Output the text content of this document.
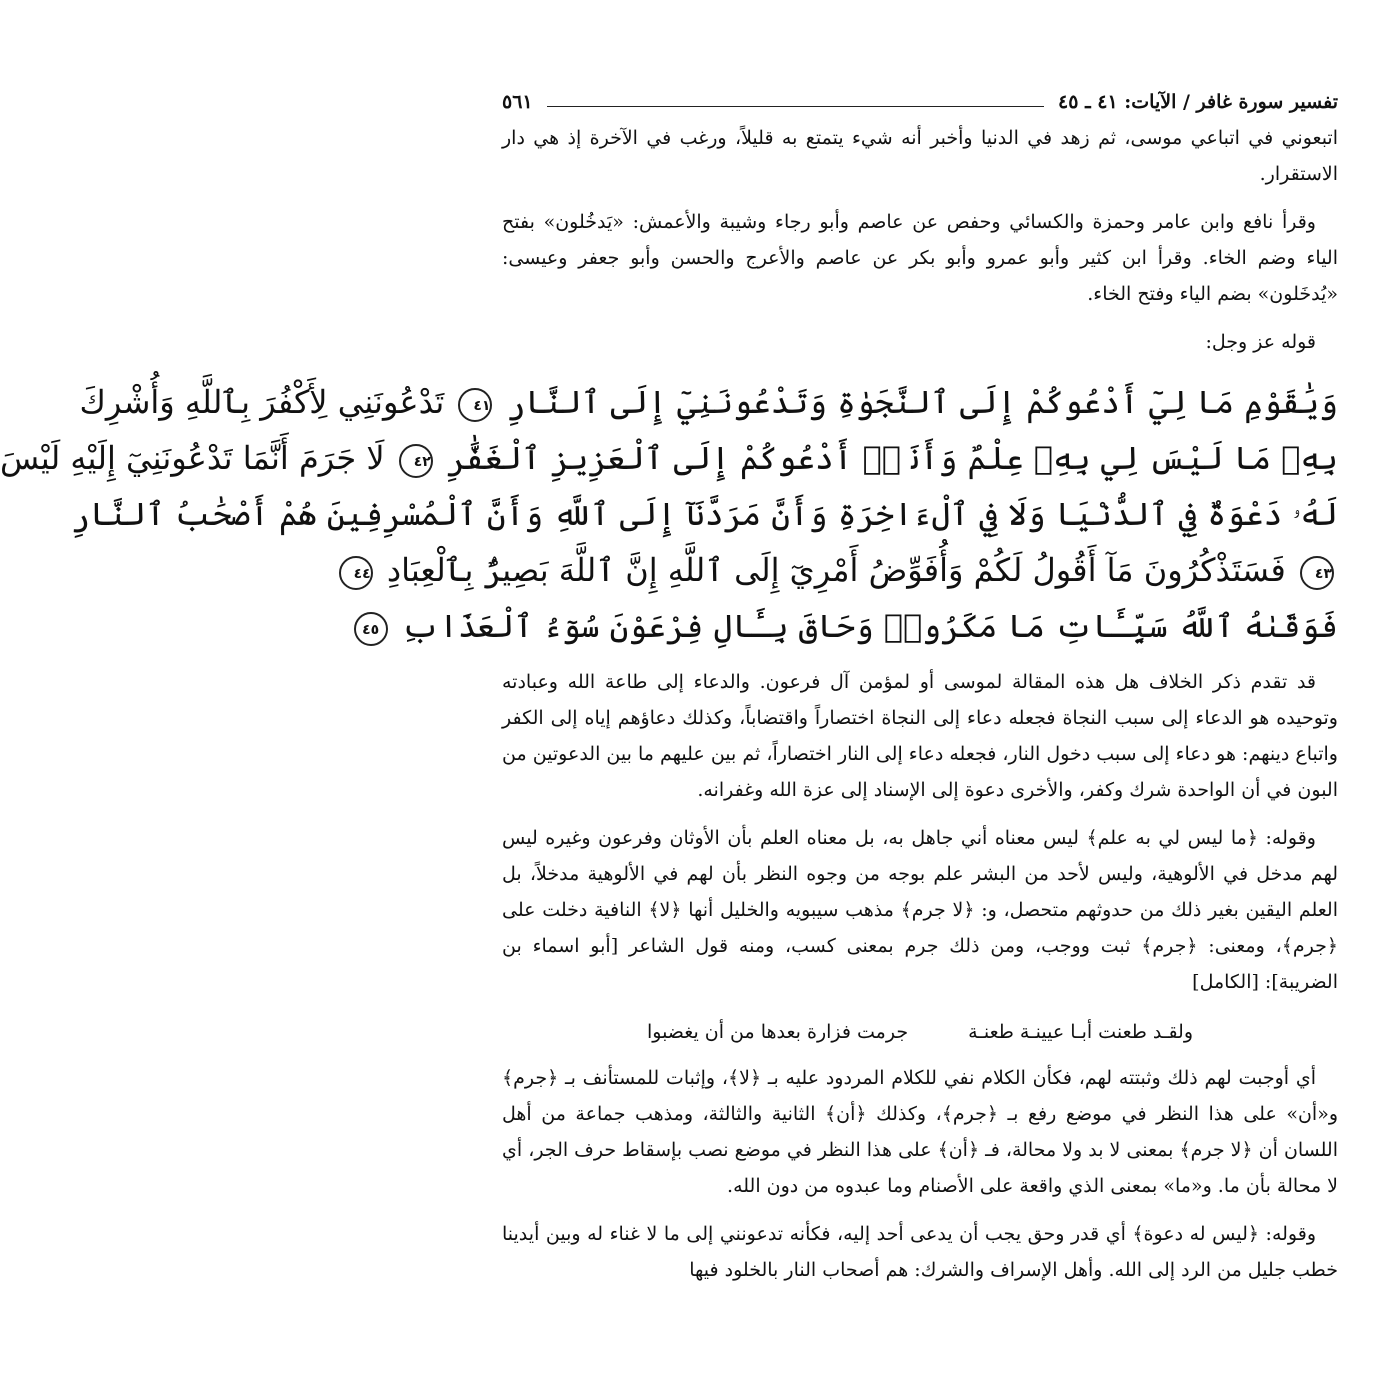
تفسير سورة غافر / الآيات: ٤١ ـ ٤٥
٥٦١

اتبعوني في اتباعي موسى، ثم زهد في الدنيا وأخبر أنه شيء يتمتع به قليلاً، ورغب في الآخرة إذ هي دار الاستقرار.

وقرأ نافع وابن عامر وحمزة والكسائي وحفص عن عاصم وأبو رجاء وشيبة والأعمش: «يَدخُلون» بفتح الياء وضم الخاء. وقرأ ابن كثير وأبو عمرو وأبو بكر عن عاصم والأعرج والحسن وأبو جعفر وعيسى: «يُدخَلون» بضم الياء وفتح الخاء.

قوله عز وجل:

وَيَٰقَوْمِ مَا لِيٓ أَدْعُوكُمْ إِلَى ٱلنَّجَوٰةِ وَتَدْعُونَنِيٓ إِلَى ٱلنَّارِ ٤١ تَدْعُونَنِي لِأَكْفُرَ بِٱللَّهِ وَأُشْرِكَ
بِهِۦ مَا لَيْسَ لِي بِهِۦ عِلْمٌ وَأَنَا۠ أَدْعُوكُمْ إِلَى ٱلْعَزِيزِ ٱلْغَفَّٰرِ ٤٢ لَا جَرَمَ أَنَّمَا تَدْعُونَنِيٓ إِلَيْهِ لَيْسَ
لَهُۥ دَعْوَةٌ فِي ٱلدُّنْيَا وَلَا فِي ٱلْءَاخِرَةِ وَأَنَّ مَرَدَّنَآ إِلَى ٱللَّهِ وَأَنَّ ٱلْمُسْرِفِينَ هُمْ أَصْحَٰبُ ٱلنَّارِ
٤٣ فَسَتَذْكُرُونَ مَآ أَقُولُ لَكُمْ وَأُفَوِّضُ أَمْرِيٓ إِلَى ٱللَّهِ إِنَّ ٱللَّهَ بَصِيرٌۢ بِٱلْعِبَادِ ٤٤
فَوَقَىٰهُ ٱللَّهُ سَيِّـَٔاتِ مَا مَكَرُوا۟ وَحَاقَ بِـَٔالِ فِرْعَوْنَ سُوٓءُ ٱلْعَذَابِ ٤٥

قد تقدم ذكر الخلاف هل هذه المقالة لموسى أو لمؤمن آل فرعون. والدعاء إلى طاعة الله وعبادته وتوحيده هو الدعاء إلى سبب النجاة فجعله دعاء إلى النجاة اختصاراً واقتضاباً، وكذلك دعاؤهم إياه إلى الكفر واتباع دينهم: هو دعاء إلى سبب دخول النار، فجعله دعاء إلى النار اختصاراً، ثم بين عليهم ما بين الدعوتين من البون في أن الواحدة شرك وكفر، والأخرى دعوة إلى الإسناد إلى عزة الله وغفرانه.

وقوله: ﴿ما ليس لي به علم﴾ ليس معناه أني جاهل به، بل معناه العلم بأن الأوثان وفرعون وغيره ليس لهم مدخل في الألوهية، وليس لأحد من البشر علم بوجه من وجوه النظر بأن لهم في الألوهية مدخلاً، بل العلم اليقين بغير ذلك من حدوثهم متحصل، و: ﴿لا جرم﴾ مذهب سيبويه والخليل أنها ﴿لا﴾ النافية دخلت على ﴿جرم﴾، ومعنى: ﴿جرم﴾ ثبت ووجب، ومن ذلك جرم بمعنى كسب، ومنه قول الشاعر [أبو اسماء بن الضريبة]: [الكامل]

ولقـد طعنت أبـا عيينـة طعنـة
جرمت فزارة بعدها من أن يغضبوا

أي أوجبت لهم ذلك وثبتته لهم، فكأن الكلام نفي للكلام المردود عليه بـ ﴿لا﴾، وإثبات للمستأنف بـ ﴿جرم﴾ و«أن» على هذا النظر في موضع رفع بـ ﴿جرم﴾، وكذلك ﴿أن﴾ الثانية والثالثة، ومذهب جماعة من أهل اللسان أن ﴿لا جرم﴾ بمعنى لا بد ولا محالة، فـ ﴿أن﴾ على هذا النظر في موضع نصب بإسقاط حرف الجر، أي لا محالة بأن ما. و«ما» بمعنى الذي واقعة على الأصنام وما عبدوه من دون الله.

وقوله: ﴿ليس له دعوة﴾ أي قدر وحق يجب أن يدعى أحد إليه، فكأنه تدعونني إلى ما لا غناء له وبين أيدينا خطب جليل من الرد إلى الله. وأهل الإسراف والشرك: هم أصحاب النار بالخلود فيها
